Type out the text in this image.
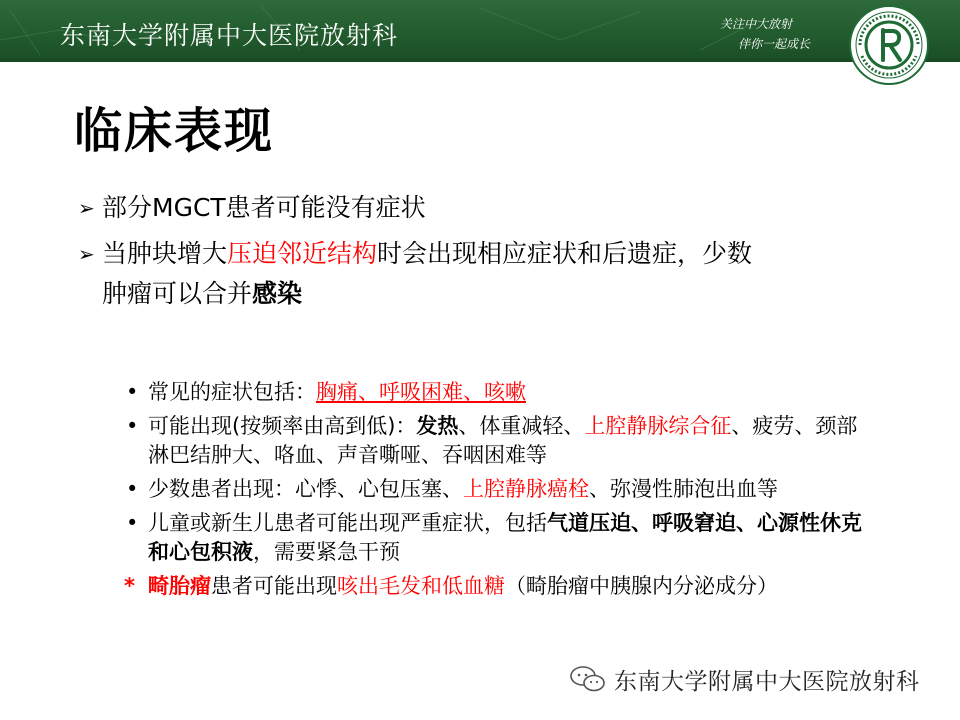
东南大学附属中大医院放射科	关注中大放射
伴你一起成长
临床表现
➢ 部分MGCT患者可能没有症状
➢ 当肿块增大压迫邻近结构时会出现相应症状和后遗症，少数
肿瘤可以合并感染
• 常见的症状包括：胸痛、呼吸困难、咳嗽
• 可能出现(按频率由高到低)：发热、体重减轻、上腔静脉综合征、疲劳、颈部淋巴结肿大、咯血、声音嘶哑、吞咽困难等
• 少数患者出现：心悸、心包压塞、上腔静脉癌栓、弥漫性肺泡出血等
• 儿童或新生儿患者可能出现严重症状，包括气道压迫、呼吸窘迫、心源性休克和心包积液，需要紧急干预
* 畸胎瘤患者可能出现咳出毛发和低血糖（畸胎瘤中胰腺内分泌成分）
东南大学附属中大医院放射科
